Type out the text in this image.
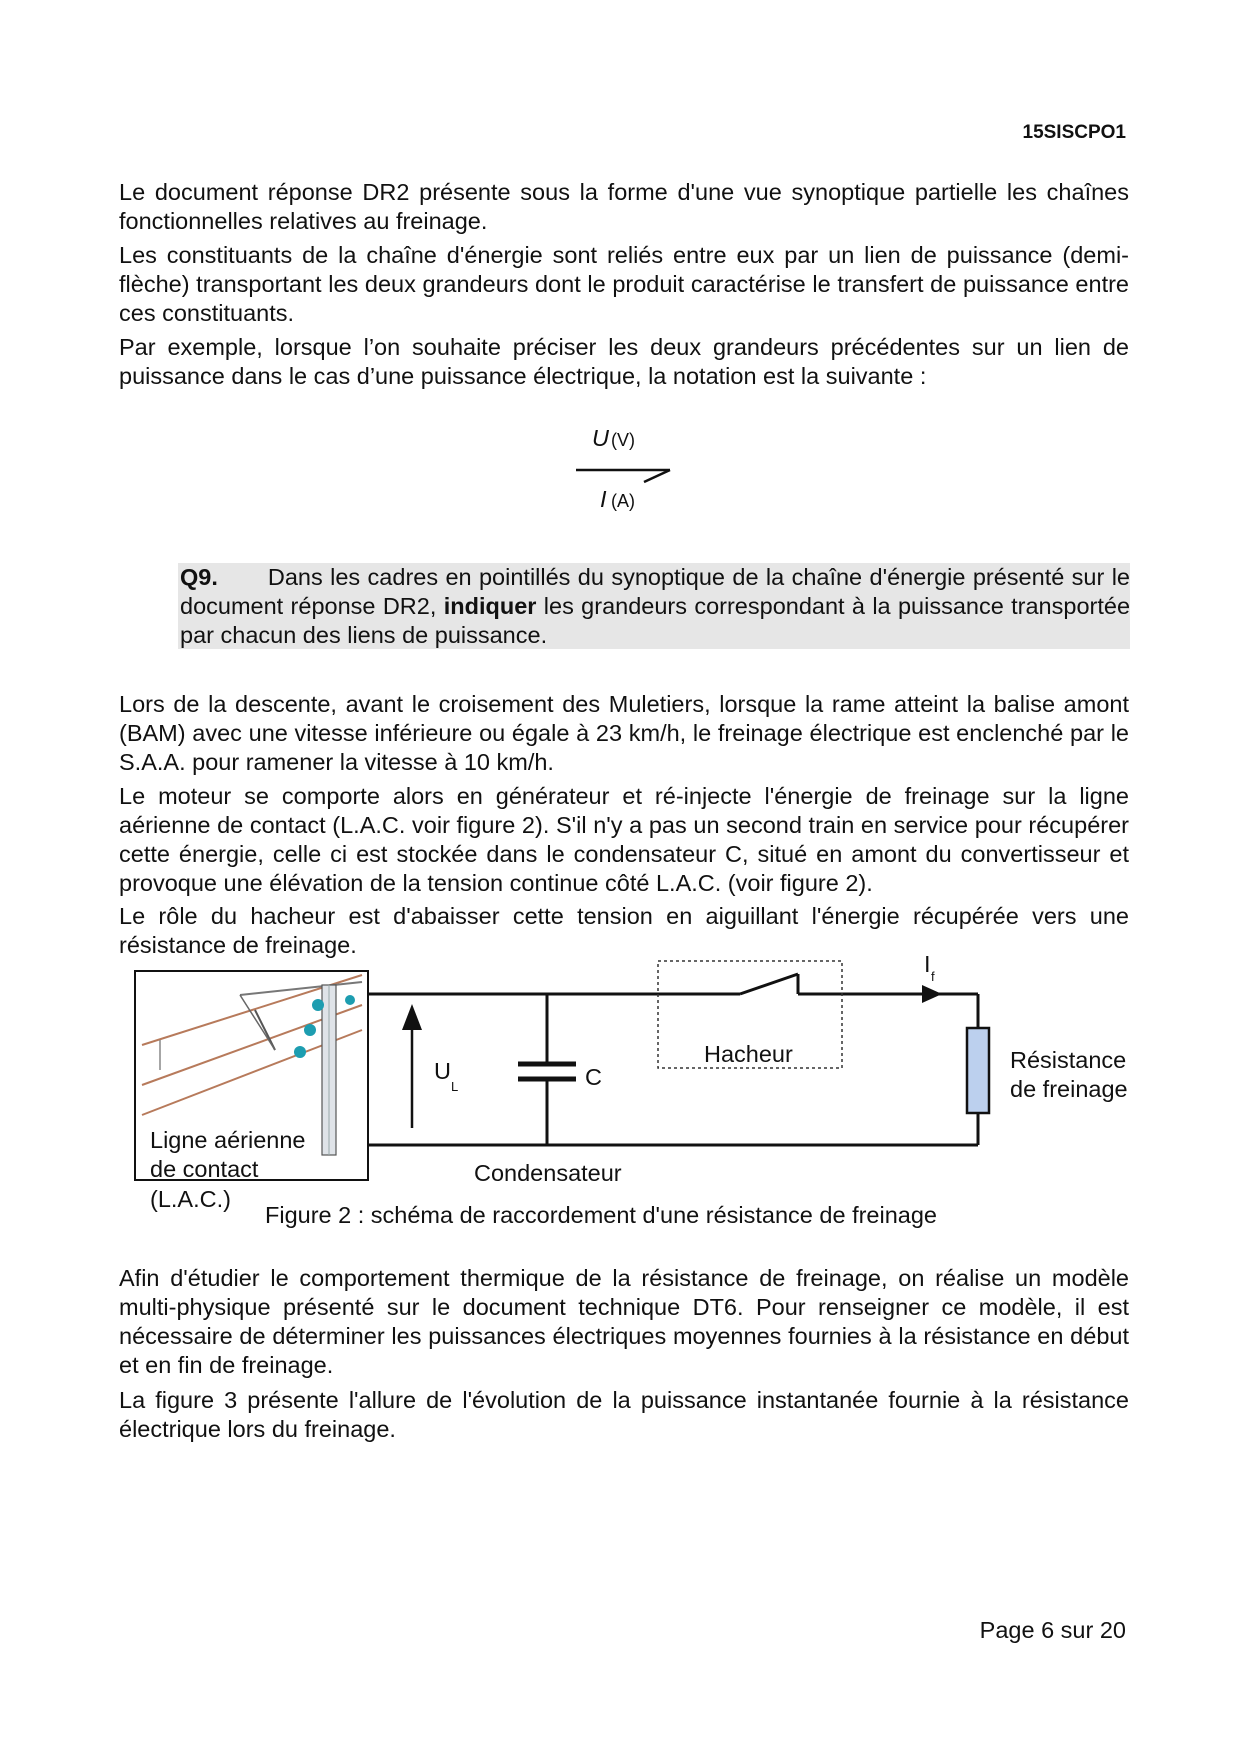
15SISCPO1

Le document réponse DR2 présente sous la forme d'une vue synoptique partielle les chaînes fonctionnelles relatives au freinage.

Les constituants de la chaîne d'énergie sont reliés entre eux par un lien de puissance (demi-flèche) transportant les deux grandeurs dont le produit caractérise le transfert de puissance entre ces constituants.

Par exemple, lorsque l’on souhaite préciser les deux grandeurs précédentes sur un lien de puissance dans le cas d’une puissance électrique, la notation est la suivante :

U (V)
I (A)

Q9. Dans les cadres en pointillés du synoptique de la chaîne d'énergie présenté sur le document réponse DR2, indiquer les grandeurs correspondant à la puissance transportée par chacun des liens de puissance.

Lors de la descente, avant le croisement des Muletiers, lorsque la rame atteint la balise amont (BAM) avec une vitesse inférieure ou égale à 23 km/h, le freinage électrique est enclenché par le S.A.A. pour ramener la vitesse à 10 km/h.

Le moteur se comporte alors en générateur et ré-injecte l'énergie de freinage sur la ligne aérienne de contact (L.A.C. voir figure 2). S'il n'y a pas un second train en service pour récupérer cette énergie, celle ci est stockée dans le condensateur C, situé en amont du convertisseur et provoque une élévation de la tension continue côté L.A.C. (voir figure 2).

Le rôle du hacheur est d'abaisser cette tension en aiguillant l'énergie récupérée vers une résistance de freinage.

Ligne aérienne
de contact
(L.A.C.)
U
L	C
Condensateur
Hacheur
I f
Résistance
de freinage
Figure 2 : schéma de raccordement d'une résistance de freinage

Afin d'étudier le comportement thermique de la résistance de freinage, on réalise un modèle multi-physique présenté sur le document technique DT6. Pour renseigner ce modèle, il est nécessaire de déterminer les puissances électriques moyennes fournies à la résistance en début et en fin de freinage.

La figure 3 présente l'allure de l'évolution de la puissance instantanée fournie à la résistance électrique lors du freinage.

Page 6 sur 20
